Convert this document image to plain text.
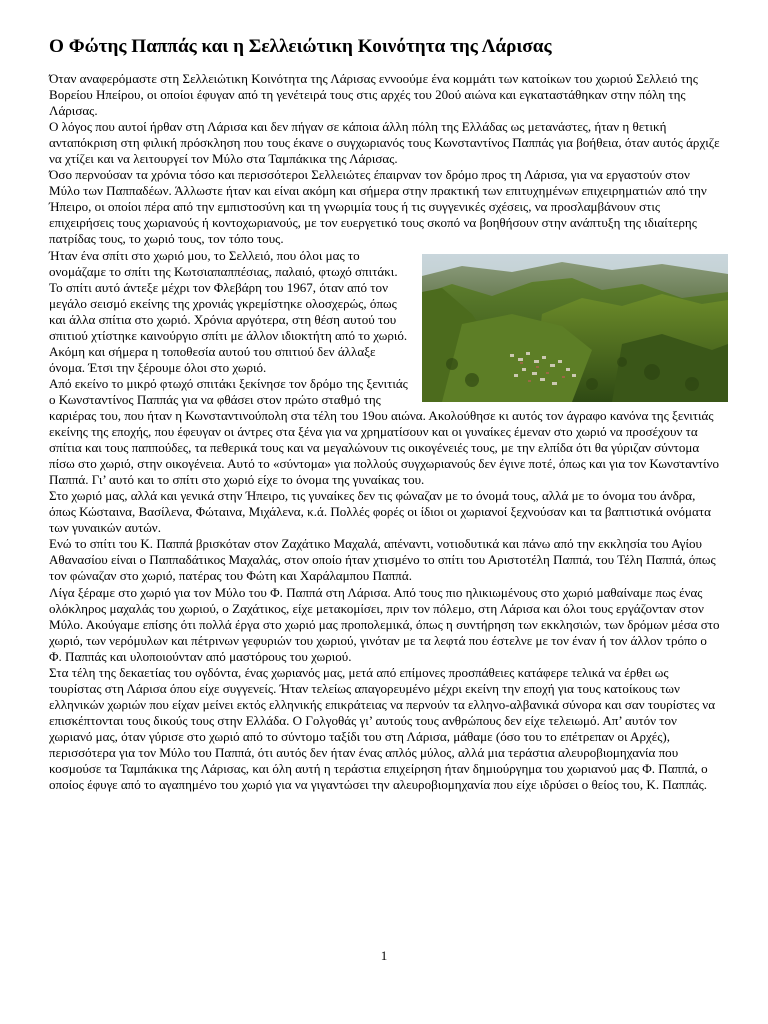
Ο Φώτης Παππάς και η Σελλειώτικη Κοινότητα της Λάρισας

Όταν αναφερόμαστε στη Σελλειώτικη Κοινότητα της Λάρισας εννοούμε ένα κομμάτι των κατοίκων του χωριού Σελλειό της Βορείου Ηπείρου, οι οποίοι έφυγαν από τη γενέτειρά τους στις αρχές του 20ού αιώνα και εγκαταστάθηκαν στην πόλη της Λάρισας.

Ο λόγος που αυτοί ήρθαν στη Λάρισα και δεν πήγαν σε κάποια άλλη πόλη της Ελλάδας ως μετανάστες, ήταν η θετική ανταπόκριση στη φιλική πρόσκληση που τους έκανε ο συγχωριανός τους Κωνσταντίνος Παππάς για βοήθεια, όταν αυτός άρχιζε να χτίζει και να λειτουργεί τον Μύλο στα Ταμπάκικα της Λάρισας.

Όσο περνούσαν τα χρόνια τόσο και περισσότεροι Σελλειώτες έπαιρναν τον δρόμο προς τη Λάρισα, για να εργαστούν στον Μύλο των Παππαδέων. Άλλωστε ήταν και είναι ακόμη και σήμερα στην πρακτική των επιτυχημένων επιχειρηματιών από την Ήπειρο, οι οποίοι πέρα από την εμπιστοσύνη και τη γνωριμία τους ή τις συγγενικές σχέσεις, να προσλαμβάνουν στις επιχειρήσεις τους χωριανούς ή κοντοχωριανούς, με τον ευεργετικό τους σκοπό να βοηθήσουν στην ανάπτυξη της ιδιαίτερης πατρίδας τους, το χωριό τους, τον τόπο τους.

Ήταν ένα σπίτι στο χωριό μου, το Σελλειό, που όλοι μας το ονομάζαμε το σπίτι της Κωτσιαπαππέσιας, παλαιό, φτωχό σπιτάκι. Το σπίτι αυτό άντεξε μέχρι τον Φλεβάρη του 1967, όταν από τον μεγάλο σεισμό εκείνης της χρονιάς γκρεμίστηκε ολοσχερώς, όπως και άλλα σπίτια στο χωριό. Χρόνια αργότερα, στη θέση αυτού του σπιτιού χτίστηκε καινούργιο σπίτι με άλλον ιδιοκτήτη από το χωριό. Ακόμη και σήμερα η τοποθεσία αυτού του σπιτιού δεν άλλαξε όνομα. Έτσι την ξέρουμε όλοι στο χωριό.

Από εκείνο το μικρό φτωχό σπιτάκι ξεκίνησε τον δρόμο της ξενιτιάς ο Κωνσταντίνος Παππάς για να φθάσει στον πρώτο σταθμό της καριέρας του, που ήταν η Κωνσταντινούπολη στα τέλη του 19ου αιώνα. Ακολούθησε κι αυτός τον άγραφο κανόνα της ξενιτιάς εκείνης της εποχής, που έφευγαν οι άντρες στα ξένα για να χρηματίσουν και οι γυναίκες έμεναν στο χωριό να προσέχουν τα σπίτια και τους παππούδες, τα πεθερικά τους και να μεγαλώνουν τις οικογένειές τους, με την ελπίδα ότι θα γύριζαν σύντομα πίσω στο χωριό, στην οικογένεια. Αυτό το «σύντομα» για πολλούς συγχωριανούς δεν έγινε ποτέ, όπως και για τον Κωνσταντίνο Παππά. Γι’ αυτό και το σπίτι στο χωριό είχε το όνομα της γυναίκας του.

Στο χωριό μας, αλλά και γενικά στην Ήπειρο, τις γυναίκες δεν τις φώναζαν με το όνομά τους, αλλά με το όνομα του άνδρα, όπως Κώσταινα, Βασίλενα, Φώταινα, Μιχάλενα, κ.ά. Πολλές φορές οι ίδιοι οι χωριανοί ξεχνούσαν και τα βαπτιστικά ονόματα των γυναικών αυτών.

Ενώ το σπίτι του Κ. Παππά βρισκόταν στον Ζαχάτικο Μαχαλά, απέναντι, νοτιοδυτικά και πάνω από την εκκλησία του Αγίου Αθανασίου είναι ο Παππαδάτικος Μαχαλάς, στον οποίο ήταν χτισμένο το σπίτι του Αριστοτέλη Παππά, του Τέλη Παππά, όπως τον φώναζαν στο χωριό, πατέρας του Φώτη και Χαράλαμπου Παππά.

Λίγα ξέραμε στο χωριό για τον Μύλο του Φ. Παππά στη Λάρισα. Από τους πιο ηλικιωμένους στο χωριό μαθαίναμε πως ένας ολόκληρος μαχαλάς του χωριού, ο Ζαχάτικος, είχε μετακομίσει, πριν τον πόλεμο, στη Λάρισα και όλοι τους εργάζονταν στον Μύλο. Ακούγαμε επίσης ότι πολλά έργα στο χωριό μας προπολεμικά, όπως η συντήρηση των εκκλησιών, των δρόμων μέσα στο χωριό, των νερόμυλων και πέτρινων γεφυριών του χωριού, γινόταν με τα λεφτά που έστελνε με τον έναν ή τον άλλον τρόπο ο Φ. Παππάς και υλοποιούνταν από μαστόρους του χωριού.

Στα τέλη της δεκαετίας του ογδόντα, ένας χωριανός μας, μετά από επίμονες προσπάθειες κατάφερε τελικά να έρθει ως τουρίστας στη Λάρισα όπου είχε συγγενείς. Ήταν τελείως απαγορευμένο μέχρι εκείνη την εποχή για τους κατοίκους των ελληνικών χωριών που είχαν μείνει εκτός ελληνικής επικράτειας να περνούν τα ελληνο-αλβανικά σύνορα και σαν τουρίστες να επισκέπτονται τους δικούς τους στην Ελλάδα. Ο Γολγοθάς γι’ αυτούς τους ανθρώπους δεν είχε τελειωμό. Απ’ αυτόν τον χωριανό μας, όταν γύρισε στο χωριό από το σύντομο ταξίδι του στη Λάρισα, μάθαμε (όσο του το επέτρεπαν οι Αρχές), περισσότερα για τον Μύλο του Παππά, ότι αυτός δεν ήταν ένας απλός μύλος, αλλά μια τεράστια αλευροβιομηχανία που κοσμούσε τα Ταμπάκικα της Λάρισας, και όλη αυτή η τεράστια επιχείρηση ήταν δημιούργημα του χωριανού μας Φ. Παππά, ο οποίος έφυγε από το αγαπημένο του χωριό για να γιγαντώσει την αλευροβιομηχανία που είχε ιδρύσει ο θείος του, Κ. Παππάς.

1
